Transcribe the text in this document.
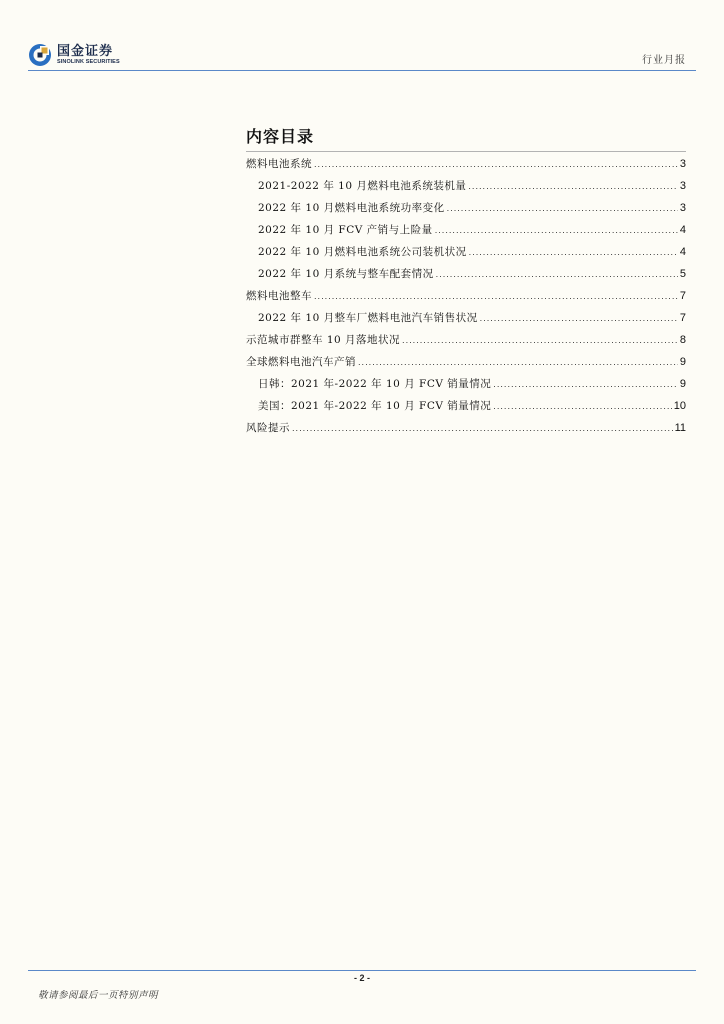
国金证券
SINOLINK SECURITIES	行业月报
内容目录
燃料电池系统 .....	3
2021-2022 年 10 月燃料电池系统装机量 .....	3
2022 年 10 月燃料电池系统功率变化 .....	3
2022 年 10 月 FCV 产销与上险量 .....	4
2022 年 10 月燃料电池系统公司装机状况 .....	4
2022 年 10 月系统与整车配套情况 .....	5
燃料电池整车 .....	7
2022 年 10 月整车厂燃料电池汽车销售状况 .....	7
示范城市群整车 10 月落地状况 .....	8
全球燃料电池汽车产销 .....	9
日韩：2021 年-2022 年 10 月 FCV 销量情况 .....	9
美国：2021 年-2022 年 10 月 FCV 销量情况 .....	10
风险提示 .....	11
- 2 -
敬请参阅最后一页特别声明
